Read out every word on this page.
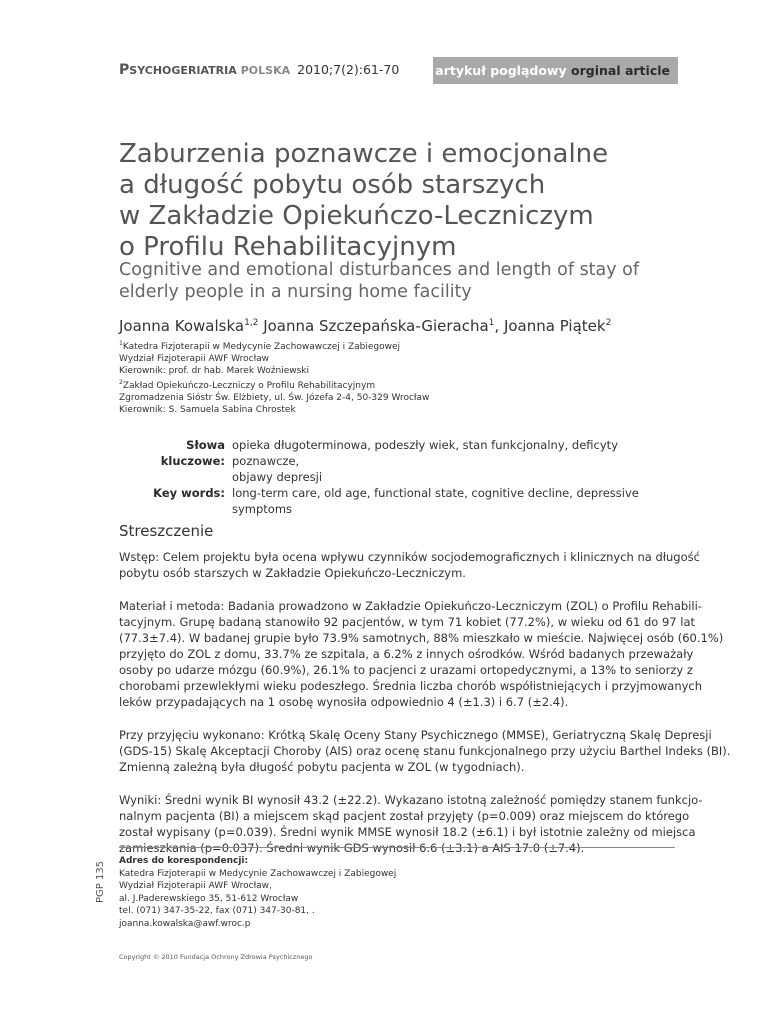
PSYCHOGERIATRIA POLSKA 2010;7(2):61-70	artykuł poglądowy orginal article
Zaburzenia poznawcze i emocjonalne
a długość pobytu osób starszych
w Zakładzie Opiekuńczo-Leczniczym
o Profilu Rehabilitacyjnym
Cognitive and emotional disturbances and length of stay of
elderly people in a nursing home facility
Joanna Kowalska$^{1,2}$ Joanna Szczepańska-Gieracha$^1$, Joanna Piątek$^2$
$^1$Katedra Fizjoterapii w Medycynie Zachowawczej i Zabiegowej
Wydział Fizjoterapii AWF Wrocław
Kierownik: prof. dr hab. Marek Woźniewski
$^2$Zakład Opiekuńczo-Leczniczy o Profilu Rehabilitacyjnym
Zgromadzenia Sióstr Św. Elżbiety, ul. Św. Józefa 2-4, 50-329 Wrocław
Kierownik: S. Samuela Sabina Chrostek
Słowa kluczowe:
opieka długoterminowa, podeszły wiek, stan funkcjonalny, deficyty poznawcze,
objawy depresji
Key words: long-term care, old age, functional state, cognitive decline, depressive symptoms
Streszczenie

Wstęp: Celem projektu była ocena wpływu czynników socjodemograficznych i klinicznych na długość
pobytu osób starszych w Zakładzie Opiekuńczo-Leczniczym.

Materiał i metoda: Badania prowadzono w Zakładzie Opiekuńczo-Leczniczym (ZOL) o Profilu Rehabili-
tacyjnym. Grupę badaną stanowiło 92 pacjentów, w tym 71 kobiet (77.2%), w wieku od 61 do 97 lat
(77.3±7.4). W badanej grupie było 73.9% samotnych, 88% mieszkało w mieście. Najwięcej osób (60.1%)
przyjęto do ZOL z domu, 33.7% ze szpitala, a 6.2% z innych ośrodków. Wśród badanych przeważały
osoby po udarze mózgu (60.9%), 26.1% to pacjenci z urazami ortopedycznymi, a 13% to seniorzy z
chorobami przewlekłymi wieku podeszłego. Średnia liczba chorób współistniejących i przyjmowanych
leków przypadających na 1 osobę wynosiła odpowiednio 4 (±1.3) i 6.7 (±2.4).

Przy przyjęciu wykonano: Krótką Skalę Oceny Stany Psychicznego (MMSE), Geriatryczną Skalę Depresji
(GDS-15) Skalę Akceptacji Choroby (AIS) oraz ocenę stanu funkcjonalnego przy użyciu Barthel Indeks (BI).
Zmienną zależną była długość pobytu pacjenta w ZOL (w tygodniach).

Wyniki: Średni wynik BI wynosił 43.2 (±22.2). Wykazano istotną zależność pomiędzy stanem funkcjo-
nalnym pacjenta (BI) a miejscem skąd pacjent został przyjęty (p=0.009) oraz miejscem do którego
został wypisany (p=0.039). Średni wynik MMSE wynosił 18.2 (±6.1) i był istotnie zależny od miejsca
zamieszkania (p=0.037). Średni wynik GDS wynosił 6.6 (±3.1) a AIS 17.0 (±7.4).

Adres do korespondencji:
Katedra Fizjoterapii w Medycynie Zachowawczej i Zabiegowej
Wydział Fizjoterapii AWF Wrocław,
al. J.Paderewskiego 35, 51-612 Wrocław
tel. (071) 347-35-22, fax (071) 347-30-81, .
joanna.kowalska@awf.wroc.p
PGP 135
Copyright © 2010 Fundacja Ochrony Zdrowia Psychicznego
